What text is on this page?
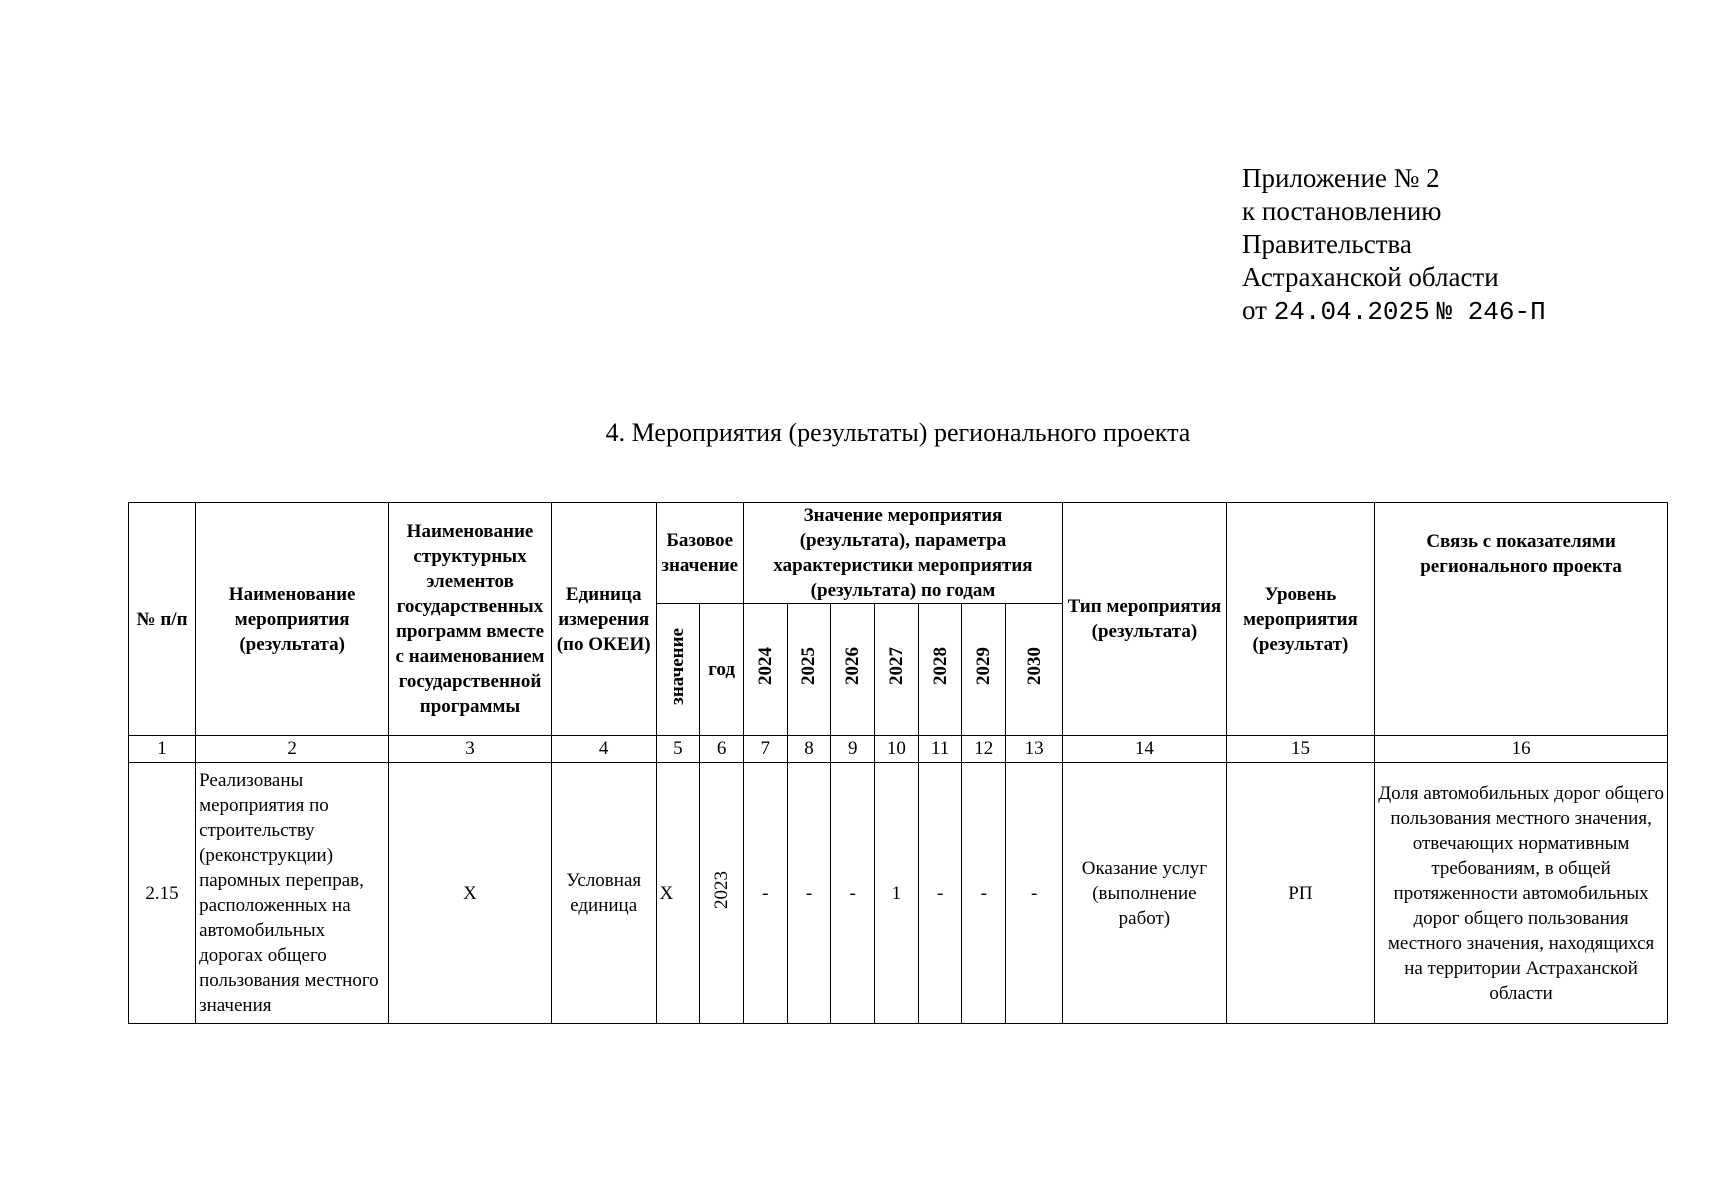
Приложение № 2
к постановлению
Правительства
Астраханской области
от 24.04.2025 № 246-П
4. Мероприятия (результаты) регионального проекта
№ п/п	Наименование мероприятия (результата)	Наименование структурных элементов государственных программ вместе с наименованием государственной программы	Единица измерения (по ОКЕИ)	Базовое значение		Значение мероприятия (результата), параметра характеристики мероприятия (результата) по годам							Тип мероприятия (результата)	Уровень мероприятия (результат)	Связь с показателями регионального проекта
				значение	год	2024	2025	2026	2027	2028	2029	2030			
1	2	3	4	5	6	7	8	9	10	11	12	13	14	15	16
2.15	Реализованы мероприятия по строительству (реконструкции) паромных переправ, расположенных на автомобильных дорогах общего пользования местного значения	Х	Условная единица	Х	2023	-	-	-	1	-	-	-	Оказание услуг (выполнение работ)	РП	Доля автомобильных дорог общего пользования местного значения, отвечающих нормативным требованиям, в общей протяженности автомобильных дорог общего пользования местного значения, находящихся на территории Астраханской области
